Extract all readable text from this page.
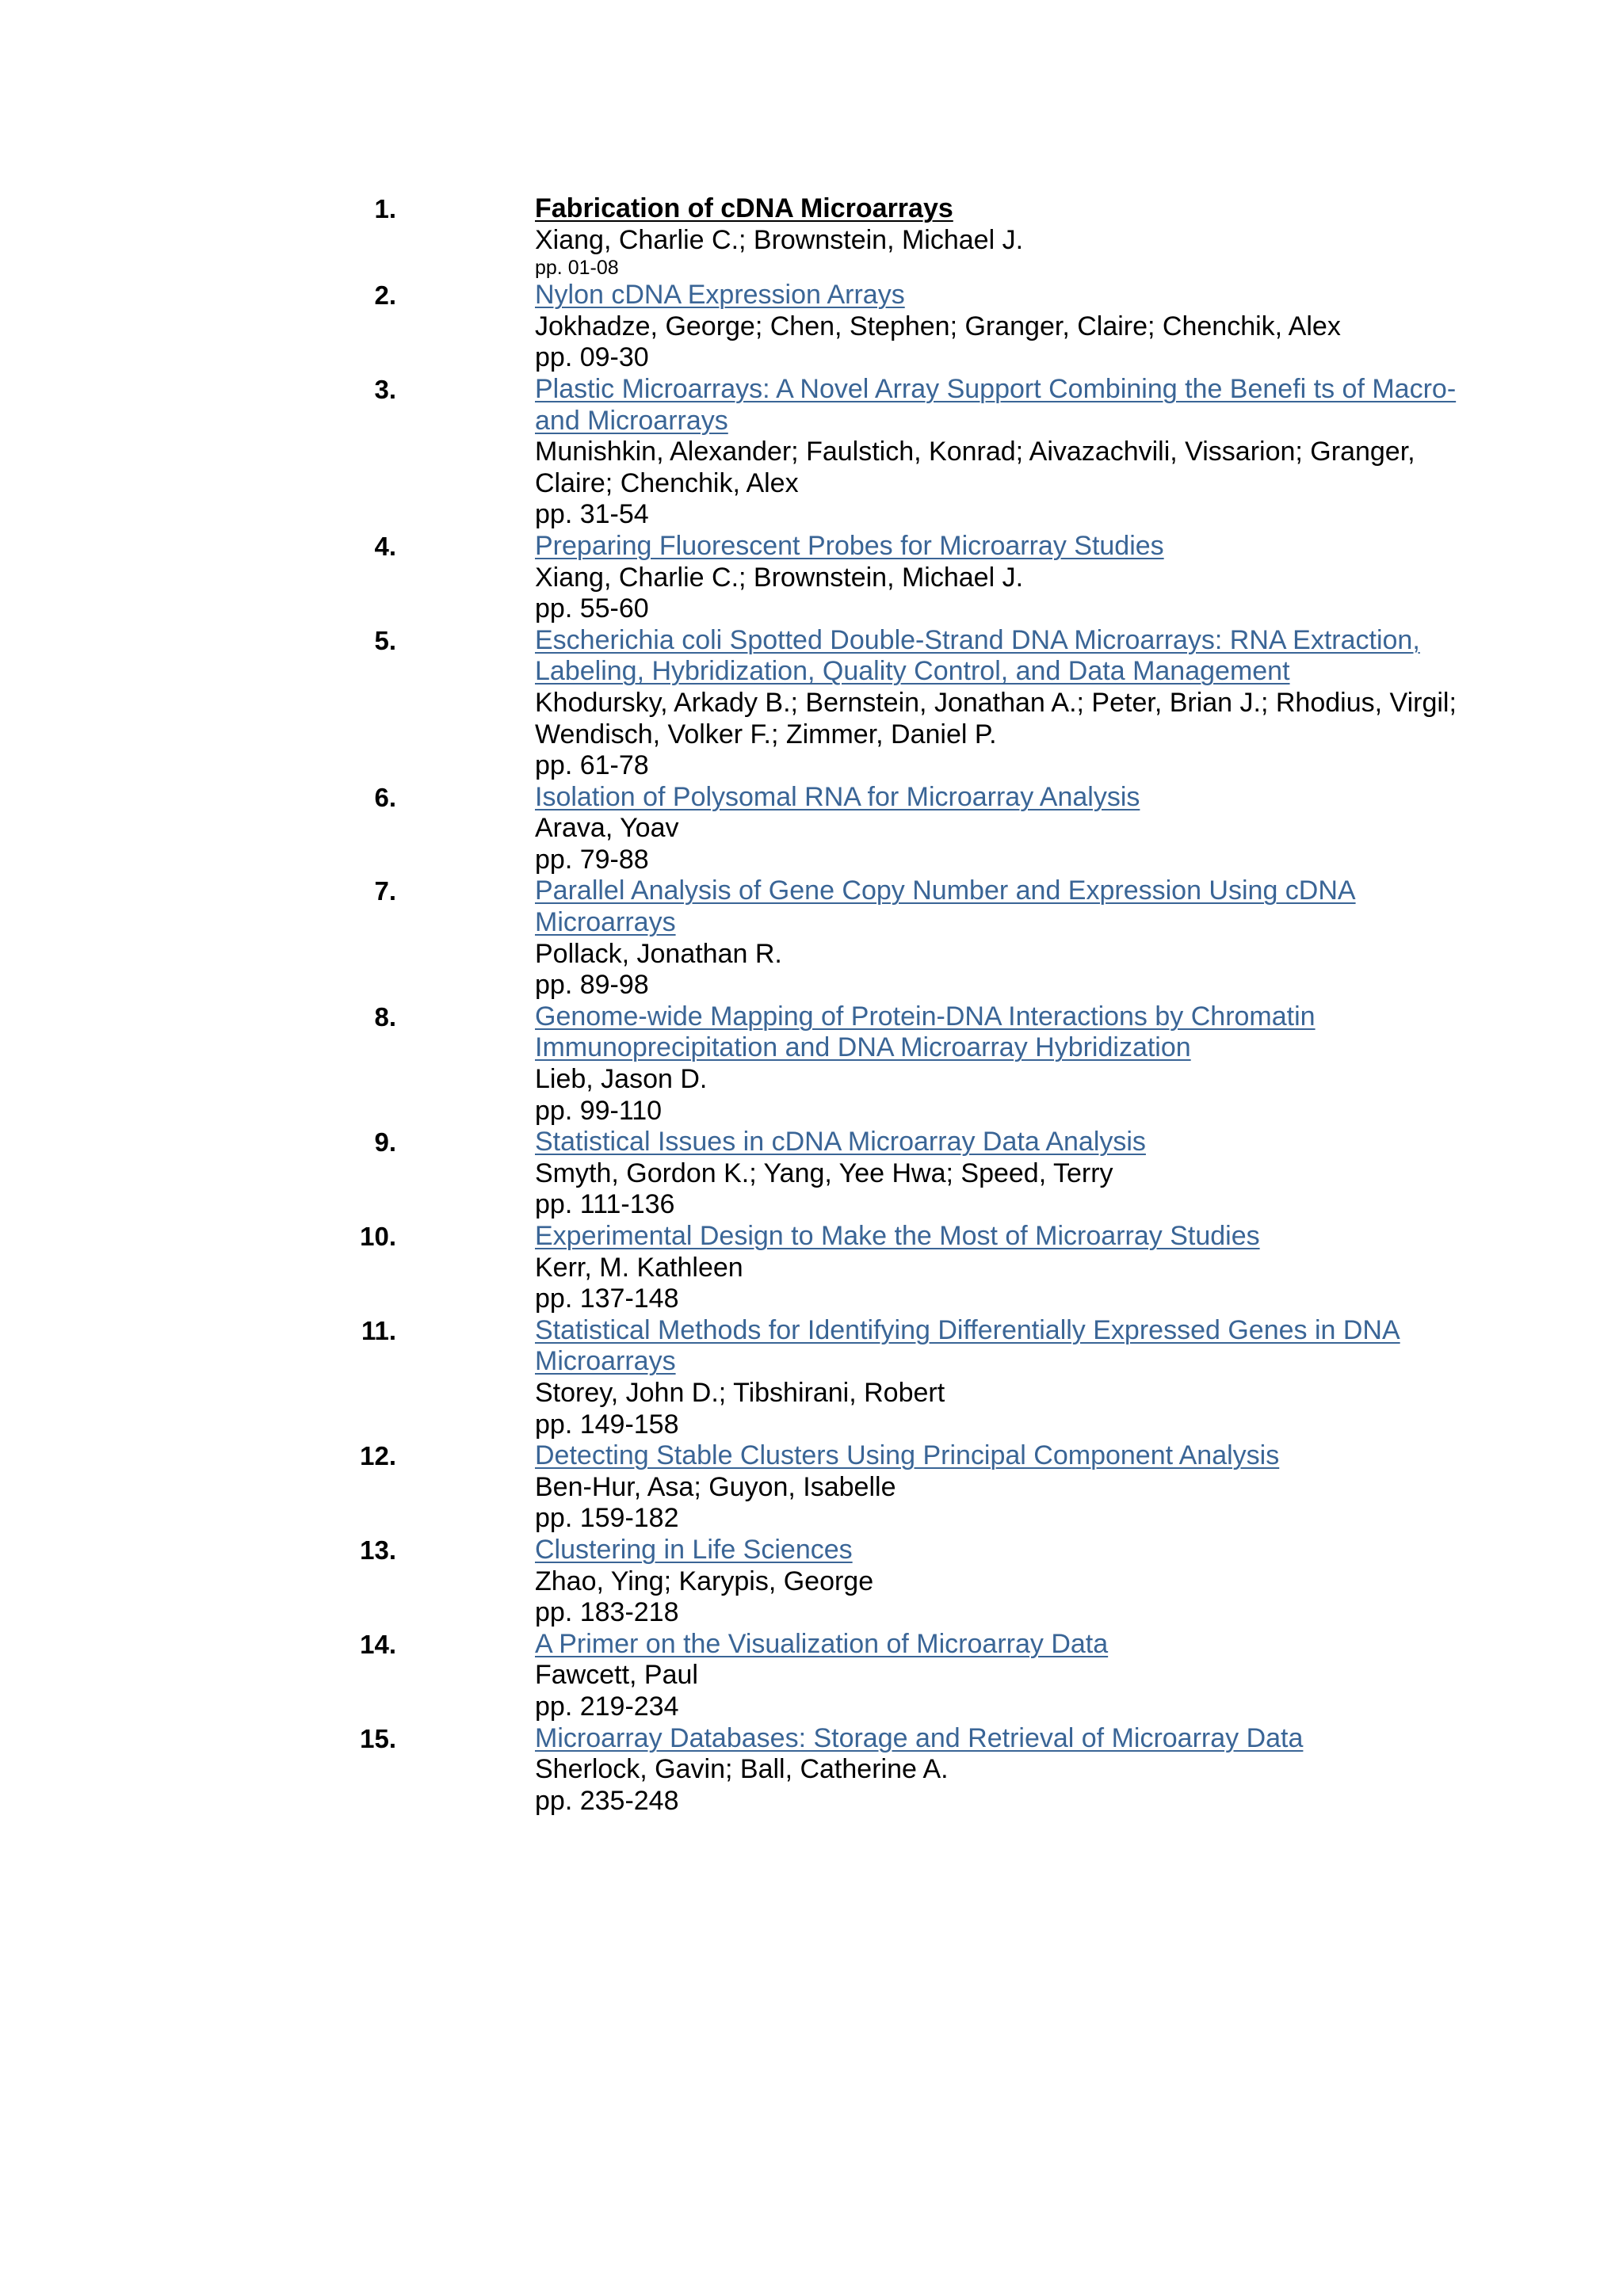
1.	Fabrication of cDNA Microarrays
Xiang, Charlie C.; Brownstein, Michael J.
pp. 01-08
2.	Nylon cDNA Expression Arrays
Jokhadze, George; Chen, Stephen; Granger, Claire; Chenchik, Alex
pp. 09-30
3.	Plastic Microarrays: A Novel Array Support Combining the Benefi ts of Macro- and Microarrays
Munishkin, Alexander; Faulstich, Konrad; Aivazachvili, Vissarion; Granger, Claire; Chenchik, Alex
pp. 31-54
4.	Preparing Fluorescent Probes for Microarray Studies
Xiang, Charlie C.; Brownstein, Michael J.
pp. 55-60
5.	Escherichia coli Spotted Double-Strand DNA Microarrays: RNA Extraction, Labeling, Hybridization, Quality Control, and Data Management
Khodursky, Arkady B.; Bernstein, Jonathan A.; Peter, Brian J.; Rhodius, Virgil; Wendisch, Volker F.; Zimmer, Daniel P.
pp. 61-78
6.	Isolation of Polysomal RNA for Microarray Analysis
Arava, Yoav
pp. 79-88
7.	Parallel Analysis of Gene Copy Number and Expression Using cDNA Microarrays
Pollack, Jonathan R.
pp. 89-98
8.	Genome-wide Mapping of Protein-DNA Interactions by Chromatin Immunoprecipitation and DNA Microarray Hybridization
Lieb, Jason D.
pp. 99-110
9.	Statistical Issues in cDNA Microarray Data Analysis
Smyth, Gordon K.; Yang, Yee Hwa; Speed, Terry
pp. 111-136
10.	Experimental Design to Make the Most of Microarray Studies
Kerr, M. Kathleen
pp. 137-148
11.	Statistical Methods for Identifying Differentially Expressed Genes in DNA Microarrays
Storey, John D.; Tibshirani, Robert
pp. 149-158
12.	Detecting Stable Clusters Using Principal Component Analysis
Ben-Hur, Asa; Guyon, Isabelle
pp. 159-182
13.	Clustering in Life Sciences
Zhao, Ying; Karypis, George
pp. 183-218
14.	A Primer on the Visualization of Microarray Data
Fawcett, Paul
pp. 219-234
15.	Microarray Databases: Storage and Retrieval of Microarray Data
Sherlock, Gavin; Ball, Catherine A.
pp. 235-248
